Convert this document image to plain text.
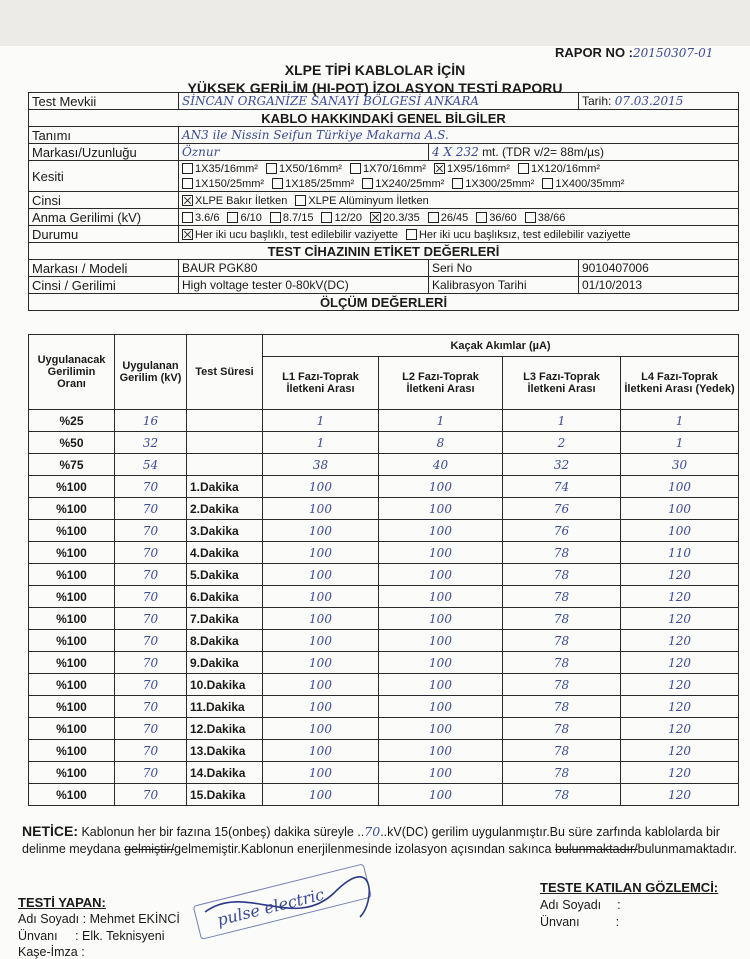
RAPOR NO :20150307-01
XLPE TİPİ KABLOLAR İÇİN
YÜKSEK GERİLİM (HI-POT) İZOLASYON TESTİ RAPORU
Test Mevkii	SİNCAN ORGANİZE SANAYİ BÖLGESİ ANKARA		Tarih: 07.03.2015
KABLO HAKKINDAKİ GENEL BİLGİLER			
Tanımı	AN3 ile Nissin Seifun Türkiye Makarna A.S.		
Markası/Uzunluğu	Öznur	4 X 232 mt. (TDR v/2= 88m/µs)	
Kesiti	1X35/16mm² 1X50/16mm² 1X70/16mm² 1X95/16mm² 1X120/16mm²
1X150/25mm² 1X185/25mm² 1X240/25mm² 1X300/25mm² 1X400/35mm²		
Cinsi	XLPE Bakır İletken XLPE Alüminyum İletken		
Anma Gerilimi (kV)	3.6/6 6/10 8.7/15 12/20 20.3/35 26/45 36/60 38/66		
Durumu	Her iki ucu başlıklı, test edilebilir vaziyette Her iki ucu başlıksız, test edilebilir vaziyette		
TEST CİHAZININ ETİKET DEĞERLERİ			
Markası / Modeli	BAUR PGK80	Seri No	9010407006
Cinsi / Gerilimi	High voltage tester 0-80kV(DC)	Kalibrasyon Tarihi	01/10/2013
ÖLÇÜM DEĞERLERİ			
Uygulanacak Gerilimin Oranı	Uygulanan Gerilim (kV)	Test Süresi	Kaçak Akımlar (µA)			
			L1 Fazı-Toprak İletkeni Arası	L2 Fazı-Toprak İletkeni Arası	L3 Fazı-Toprak İletkeni Arası	L4 Fazı-Toprak İletkeni Arası (Yedek)
%25	16		1	1	1	1
%50	32		1	8	2	1
%75	54		38	40	32	30
%100	70	1.Dakika	100	100	74	100
%100	70	2.Dakika	100	100	76	100
%100	70	3.Dakika	100	100	76	100
%100	70	4.Dakika	100	100	78	110
%100	70	5.Dakika	100	100	78	120
%100	70	6.Dakika	100	100	78	120
%100	70	7.Dakika	100	100	78	120
%100	70	8.Dakika	100	100	78	120
%100	70	9.Dakika	100	100	78	120
%100	70	10.Dakika	100	100	78	120
%100	70	11.Dakika	100	100	78	120
%100	70	12.Dakika	100	100	78	120
%100	70	13.Dakika	100	100	78	120
%100	70	14.Dakika	100	100	78	120
%100	70	15.Dakika	100	100	78	120
NETİCE: Kablonun her bir fazına 15(onbeş) dakika süreyle ..70..kV(DC) gerilim uygulanmıştır.Bu süre zarfında kablolarda bir delinme meydana gelmiştir/gelmemiştir.Kablonun enerjilenmesinde izolasyon açısından sakınca bulunmaktadır/bulunmamaktadır.
TESTİ YAPAN:
Adı Soyadı : Mehmet EKİNCİ
Ünvanı : Elk. Teknisyeni
Kaşe-İmza :
pulse electric	TESTE KATILAN GÖZLEMCİ:
Adı Soyadı :
Ünvanı	:
